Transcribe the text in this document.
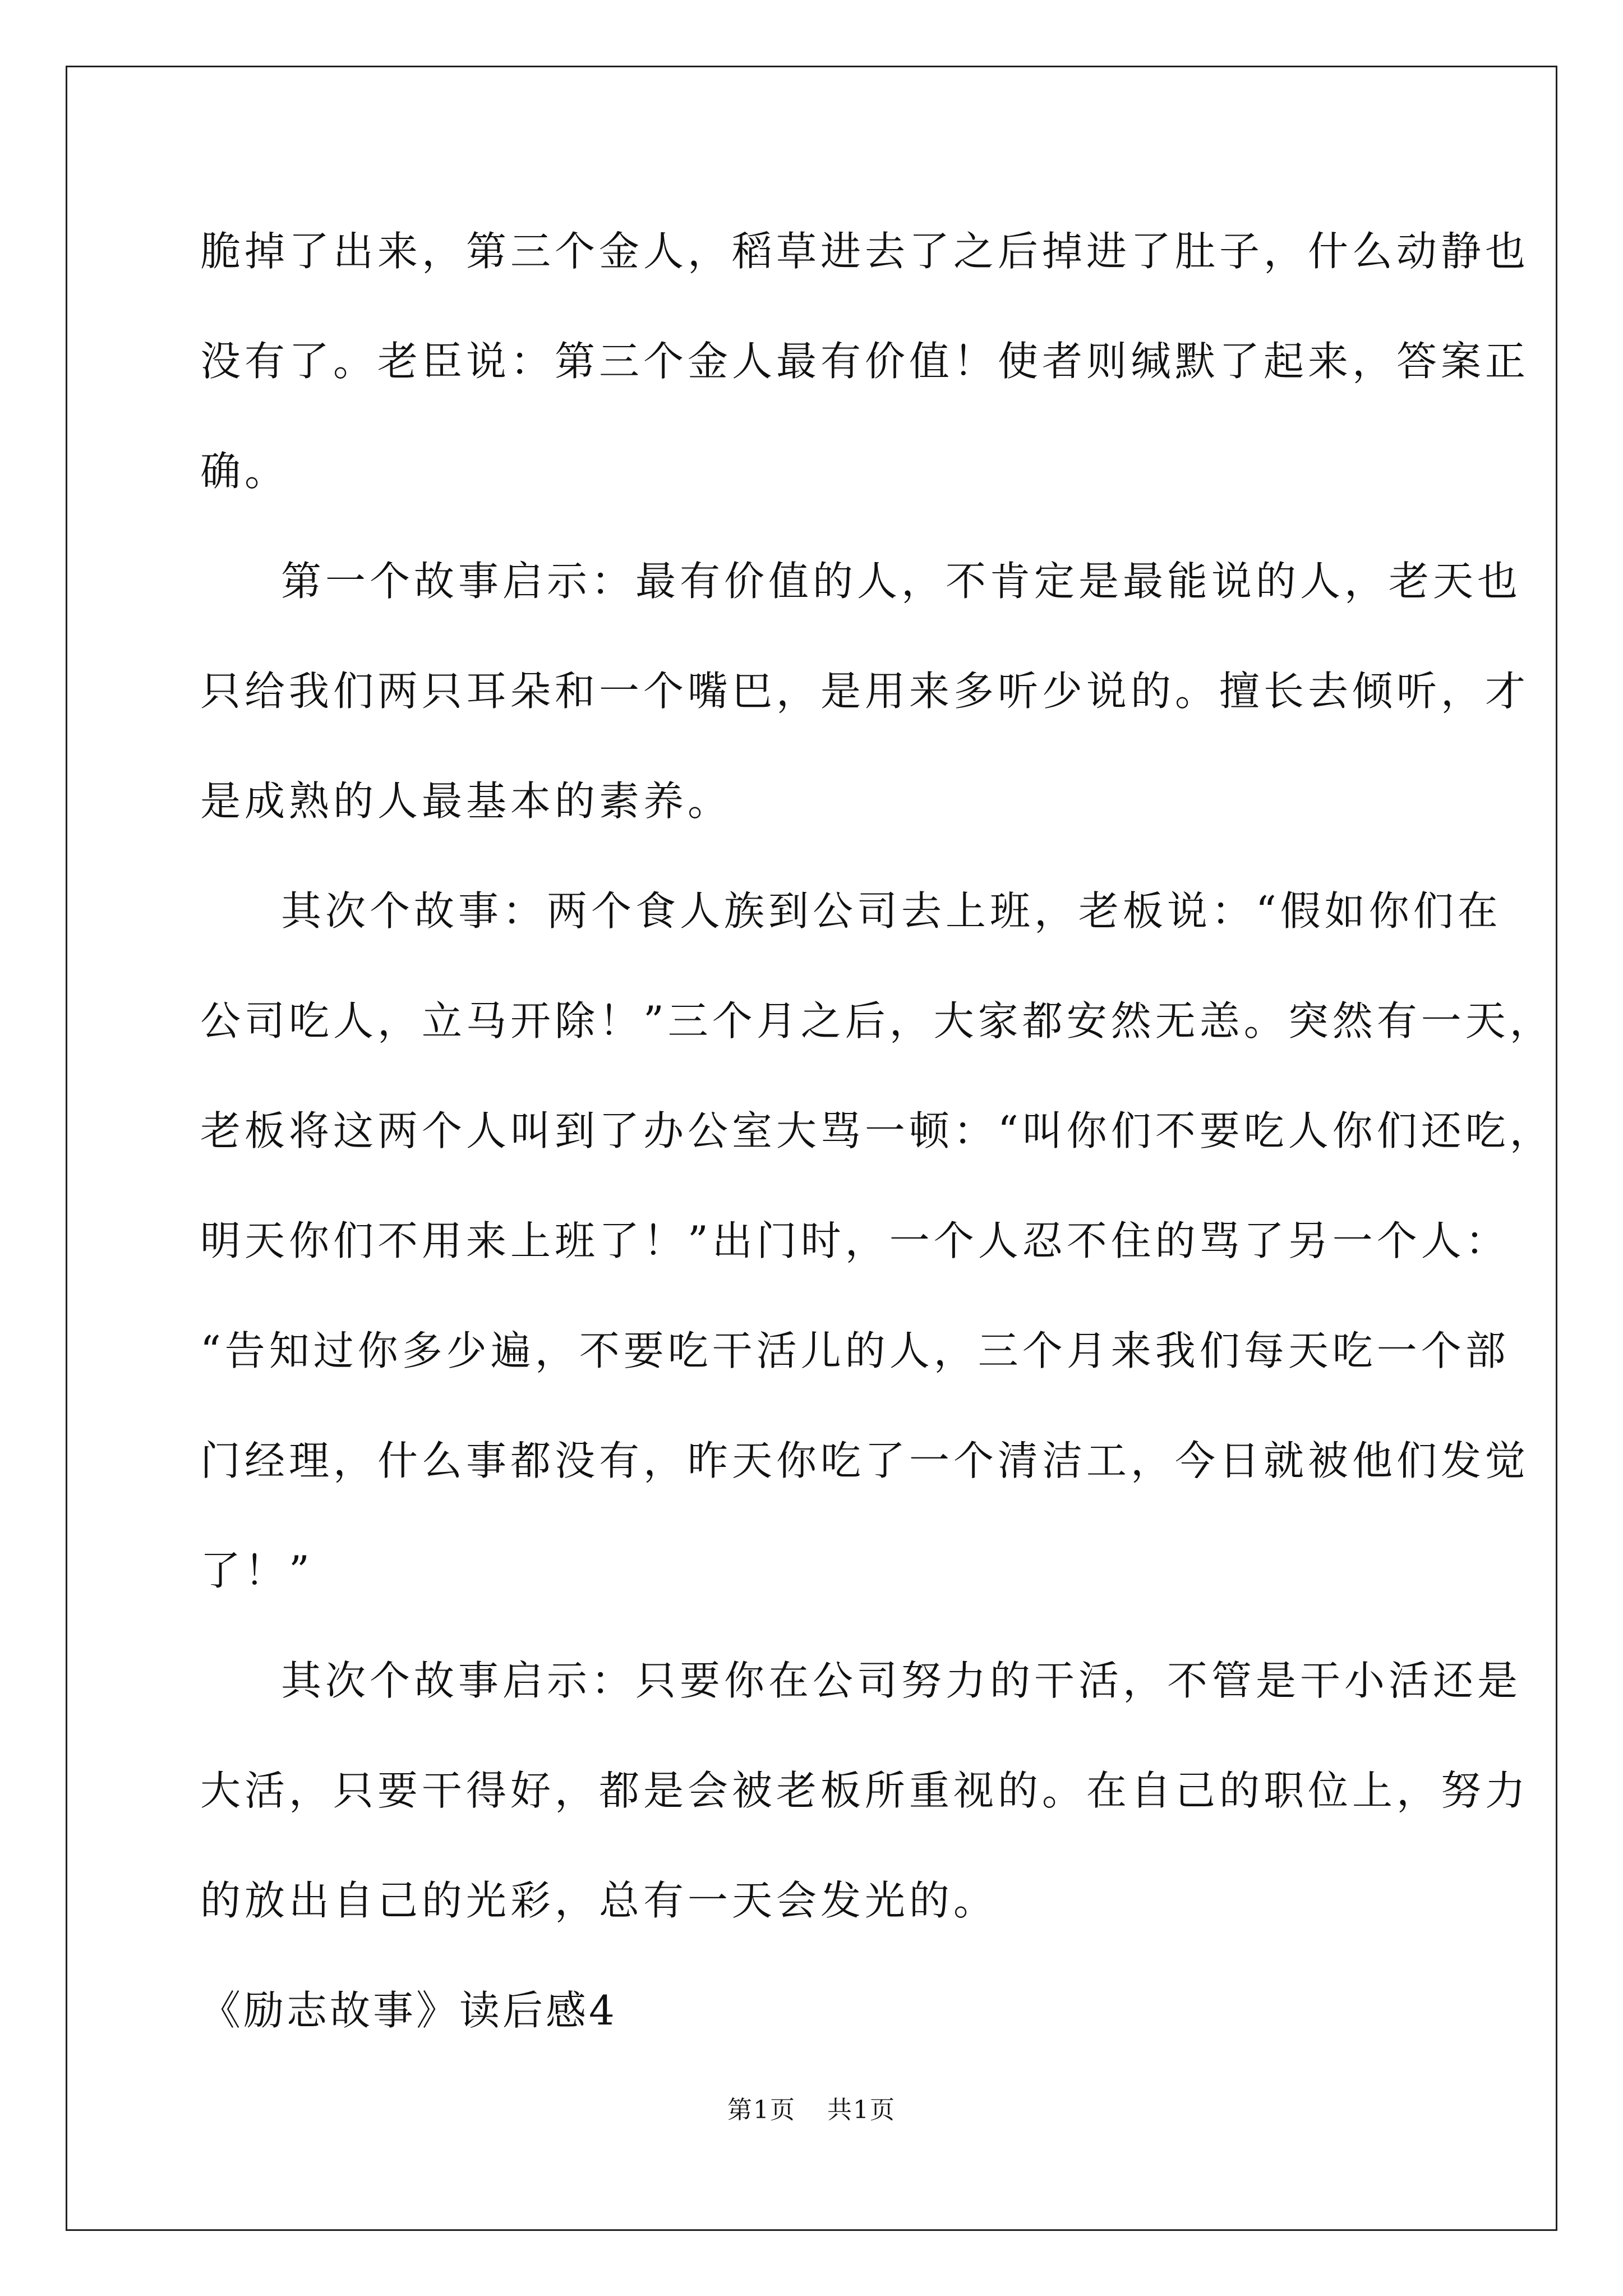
脆掉了出来，第三个金人，稻草进去了之后掉进了肚子，什么动静也
没有了。老臣说：第三个金人最有价值！使者则缄默了起来，答案正
确。
第一个故事启示：最有价值的人，不肯定是最能说的人，老天也
只给我们两只耳朵和一个嘴巴，是用来多听少说的。擅长去倾听，才
是成熟的人最基本的素养。
其次个故事：两个食人族到公司去上班，老板说：“假如你们在
公司吃人，立马开除！”三个月之后，大家都安然无恙。突然有一天，
老板将这两个人叫到了办公室大骂一顿：“叫你们不要吃人你们还吃，
明天你们不用来上班了！”出门时，一个人忍不住的骂了另一个人：
“告知过你多少遍，不要吃干活儿的人，三个月来我们每天吃一个部
门经理，什么事都没有，昨天你吃了一个清洁工，今日就被他们发觉
了！”
其次个故事启示：只要你在公司努力的干活，不管是干小活还是
大活，只要干得好，都是会被老板所重视的。在自己的职位上，努力
的放出自己的光彩，总有一天会发光的。
《励志故事》读后感4
第1页 共1页
